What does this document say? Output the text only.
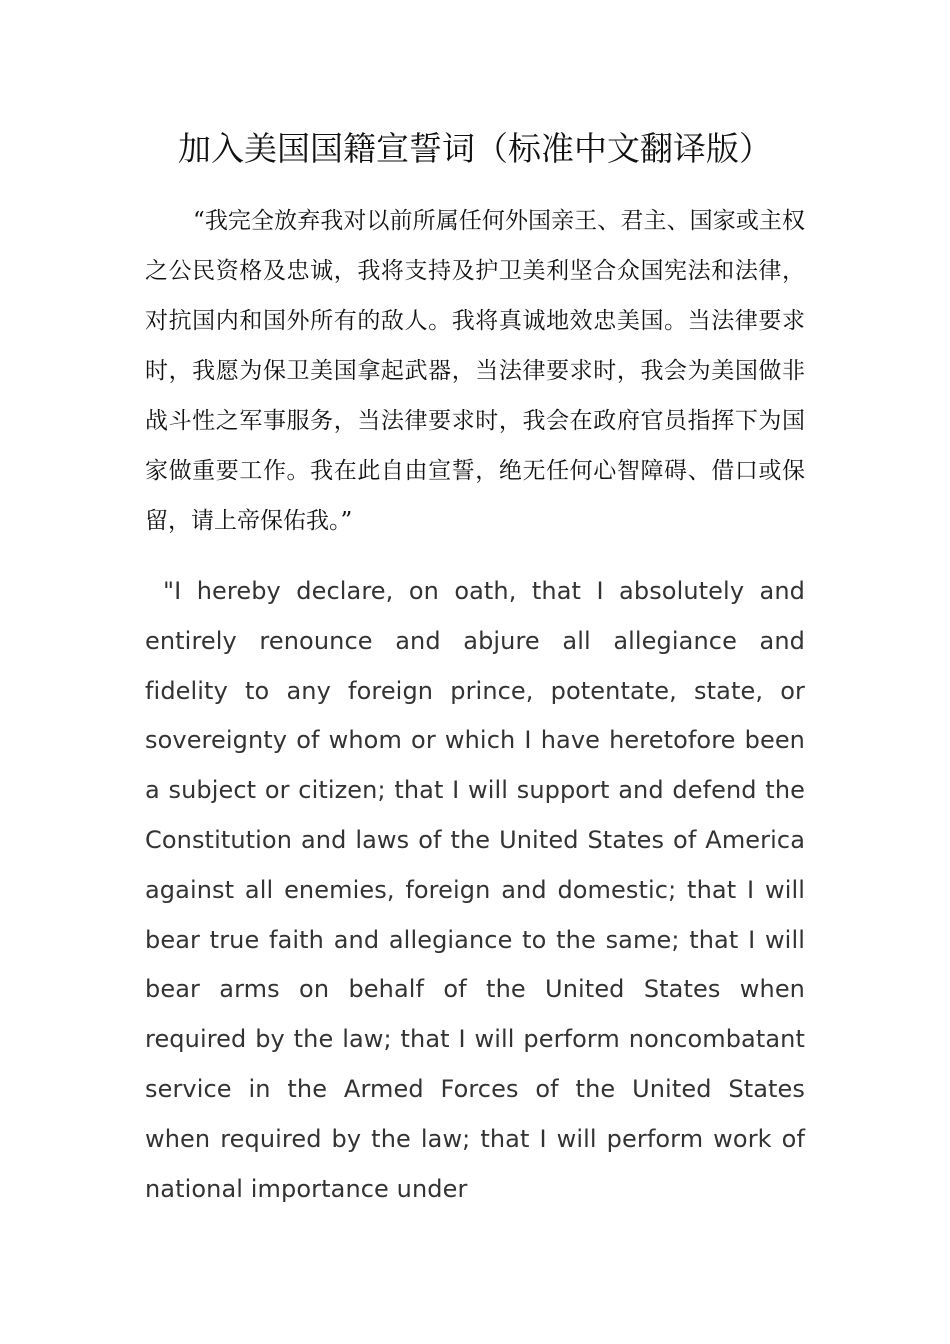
加入美国国籍宣誓词（标准中文翻译版）

“我完全放弃我对以前所属任何外国亲王、君主、国家或主权之公民资格及忠诚，我将支持及护卫美利坚合众国宪法和法律，对抗国内和国外所有的敌人。我将真诚地效忠美国。当法律要求时，我愿为保卫美国拿起武器，当法律要求时，我会为美国做非战斗性之军事服务，当法律要求时，我会在政府官员指挥下为国家做重要工作。我在此自由宣誓，绝无任何心智障碍、借口或保留，请上帝保佑我。”

"I hereby declare, on oath, that I absolutely and entirely renounce and abjure all allegiance and fidelity to any foreign prince, potentate, state, or sovereignty of whom or which I have heretofore been a subject or citizen; that I will support and defend the Constitution and laws of the United States of America against all enemies, foreign and domestic; that I will bear true faith and allegiance to the same; that I will bear arms on behalf of the United States when required by the law; that I will perform noncombatant service in the Armed Forces of the United States when required by the law; that I will perform work of national importance under
